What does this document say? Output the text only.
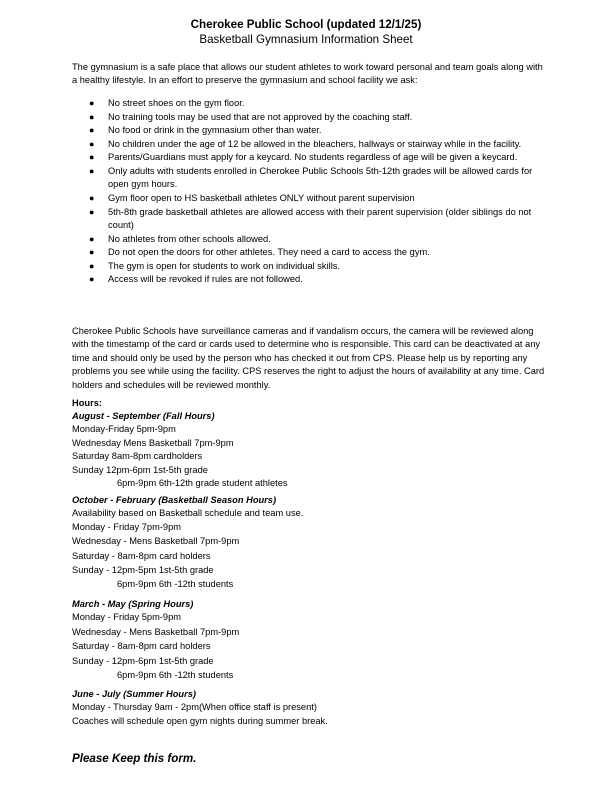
Cherokee Public School (updated 12/1/25)
Basketball Gymnasium Information Sheet
The gymnasium is a safe place that allows our student athletes to work toward personal and team goals along with a healthy lifestyle. In an effort to preserve the gymnasium and school facility we ask:
● No street shoes on the gym floor.
● No training tools may be used that are not approved by the coaching staff.
● No food or drink in the gymnasium other than water.
● No children under the age of 12 be allowed in the bleachers, hallways or stairway while in the facility.
● Parents/Guardians must apply for a keycard. No students regardless of age will be given a keycard.
● Only adults with students enrolled in Cherokee Public Schools 5th-12th grades will be allowed cards for open gym hours.
● Gym floor open to HS basketball athletes ONLY without parent supervision
● 5th-8th grade basketball athletes are allowed access with their parent supervision (older siblings do not count)
● No athletes from other schools allowed.
● Do not open the doors for other athletes. They need a card to access the gym.
● The gym is open for students to work on individual skills.
● Access will be revoked if rules are not followed.
Cherokee Public Schools have surveillance cameras and if vandalism occurs, the camera will be reviewed along with the timestamp of the card or cards used to determine who is responsible. This card can be deactivated at any time and should only be used by the person who has checked it out from CPS. Please help us by reporting any problems you see while using the facility. CPS reserves the right to adjust the hours of availability at any time. Card holders and schedules will be reviewed monthly.
Hours:
August - September (Fall Hours)
Monday-Friday 5pm-9pm
Wednesday Mens Basketball 7pm-9pm
Saturday 8am-8pm cardholders
Sunday 12pm-6pm 1st-5th grade
6pm-9pm 6th-12th grade student athletes
October - February (Basketball Season Hours)
Availability based on Basketball schedule and team use.
Monday - Friday 7pm-9pm
Wednesday - Mens Basketball 7pm-9pm
Saturday - 8am-8pm card holders
Sunday - 12pm-5pm 1st-5th grade
6pm-9pm 6th -12th students
March - May (Spring Hours)
Monday - Friday 5pm-9pm
Wednesday - Mens Basketball 7pm-9pm
Saturday - 8am-8pm card holders
Sunday - 12pm-6pm 1st-5th grade
6pm-9pm 6th -12th students
June - July (Summer Hours)
Monday - Thursday 9am - 2pm(When office staff is present)
Coaches will schedule open gym nights during summer break.
Please Keep this form.
